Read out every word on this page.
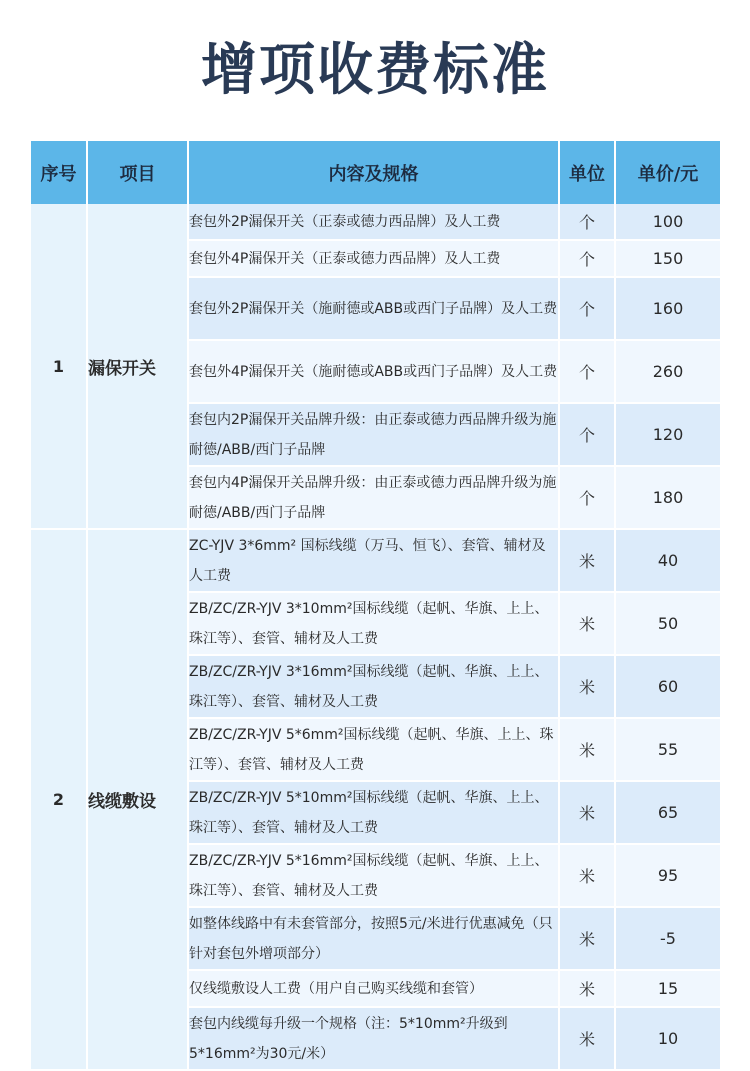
增项收费标准
序号	项目	内容及规格	单位	单价/元
1	漏保开关	套包外2P漏保开关（正泰或德力西品牌）及人工费	个	100
		套包外4P漏保开关（正泰或德力西品牌）及人工费	个	150
		套包外2P漏保开关（施耐德或ABB或西门子品牌）及人工费	个	160
		套包外4P漏保开关（施耐德或ABB或西门子品牌）及人工费	个	260
		套包内2P漏保开关品牌升级：由正泰或德力西品牌升级为施耐德/ABB/西门子品牌	个	120
		套包内4P漏保开关品牌升级：由正泰或德力西品牌升级为施耐德/ABB/西门子品牌	个	180
2	线缆敷设	ZC-YJV 3*6mm² 国标线缆（万马、恒飞）、套管、辅材及人工费	米	40
		ZB/ZC/ZR-YJV 3*10mm²国标线缆（起帆、华旗、上上、珠江等）、套管、辅材及人工费	米	50
		ZB/ZC/ZR-YJV 3*16mm²国标线缆（起帆、华旗、上上、珠江等）、套管、辅材及人工费	米	60
		ZB/ZC/ZR-YJV 5*6mm²国标线缆（起帆、华旗、上上、珠江等）、套管、辅材及人工费	米	55
		ZB/ZC/ZR-YJV 5*10mm²国标线缆（起帆、华旗、上上、珠江等）、套管、辅材及人工费	米	65
		ZB/ZC/ZR-YJV 5*16mm²国标线缆（起帆、华旗、上上、珠江等）、套管、辅材及人工费	米	95
		如整体线路中有未套管部分，按照5元/米进行优惠减免（只针对套包外增项部分）	米	-5
		仅线缆敷设人工费（用户自己购买线缆和套管）	米	15
		套包内线缆每升级一个规格（注：5*10mm²升级到5*16mm²为30元/米）	米	10
